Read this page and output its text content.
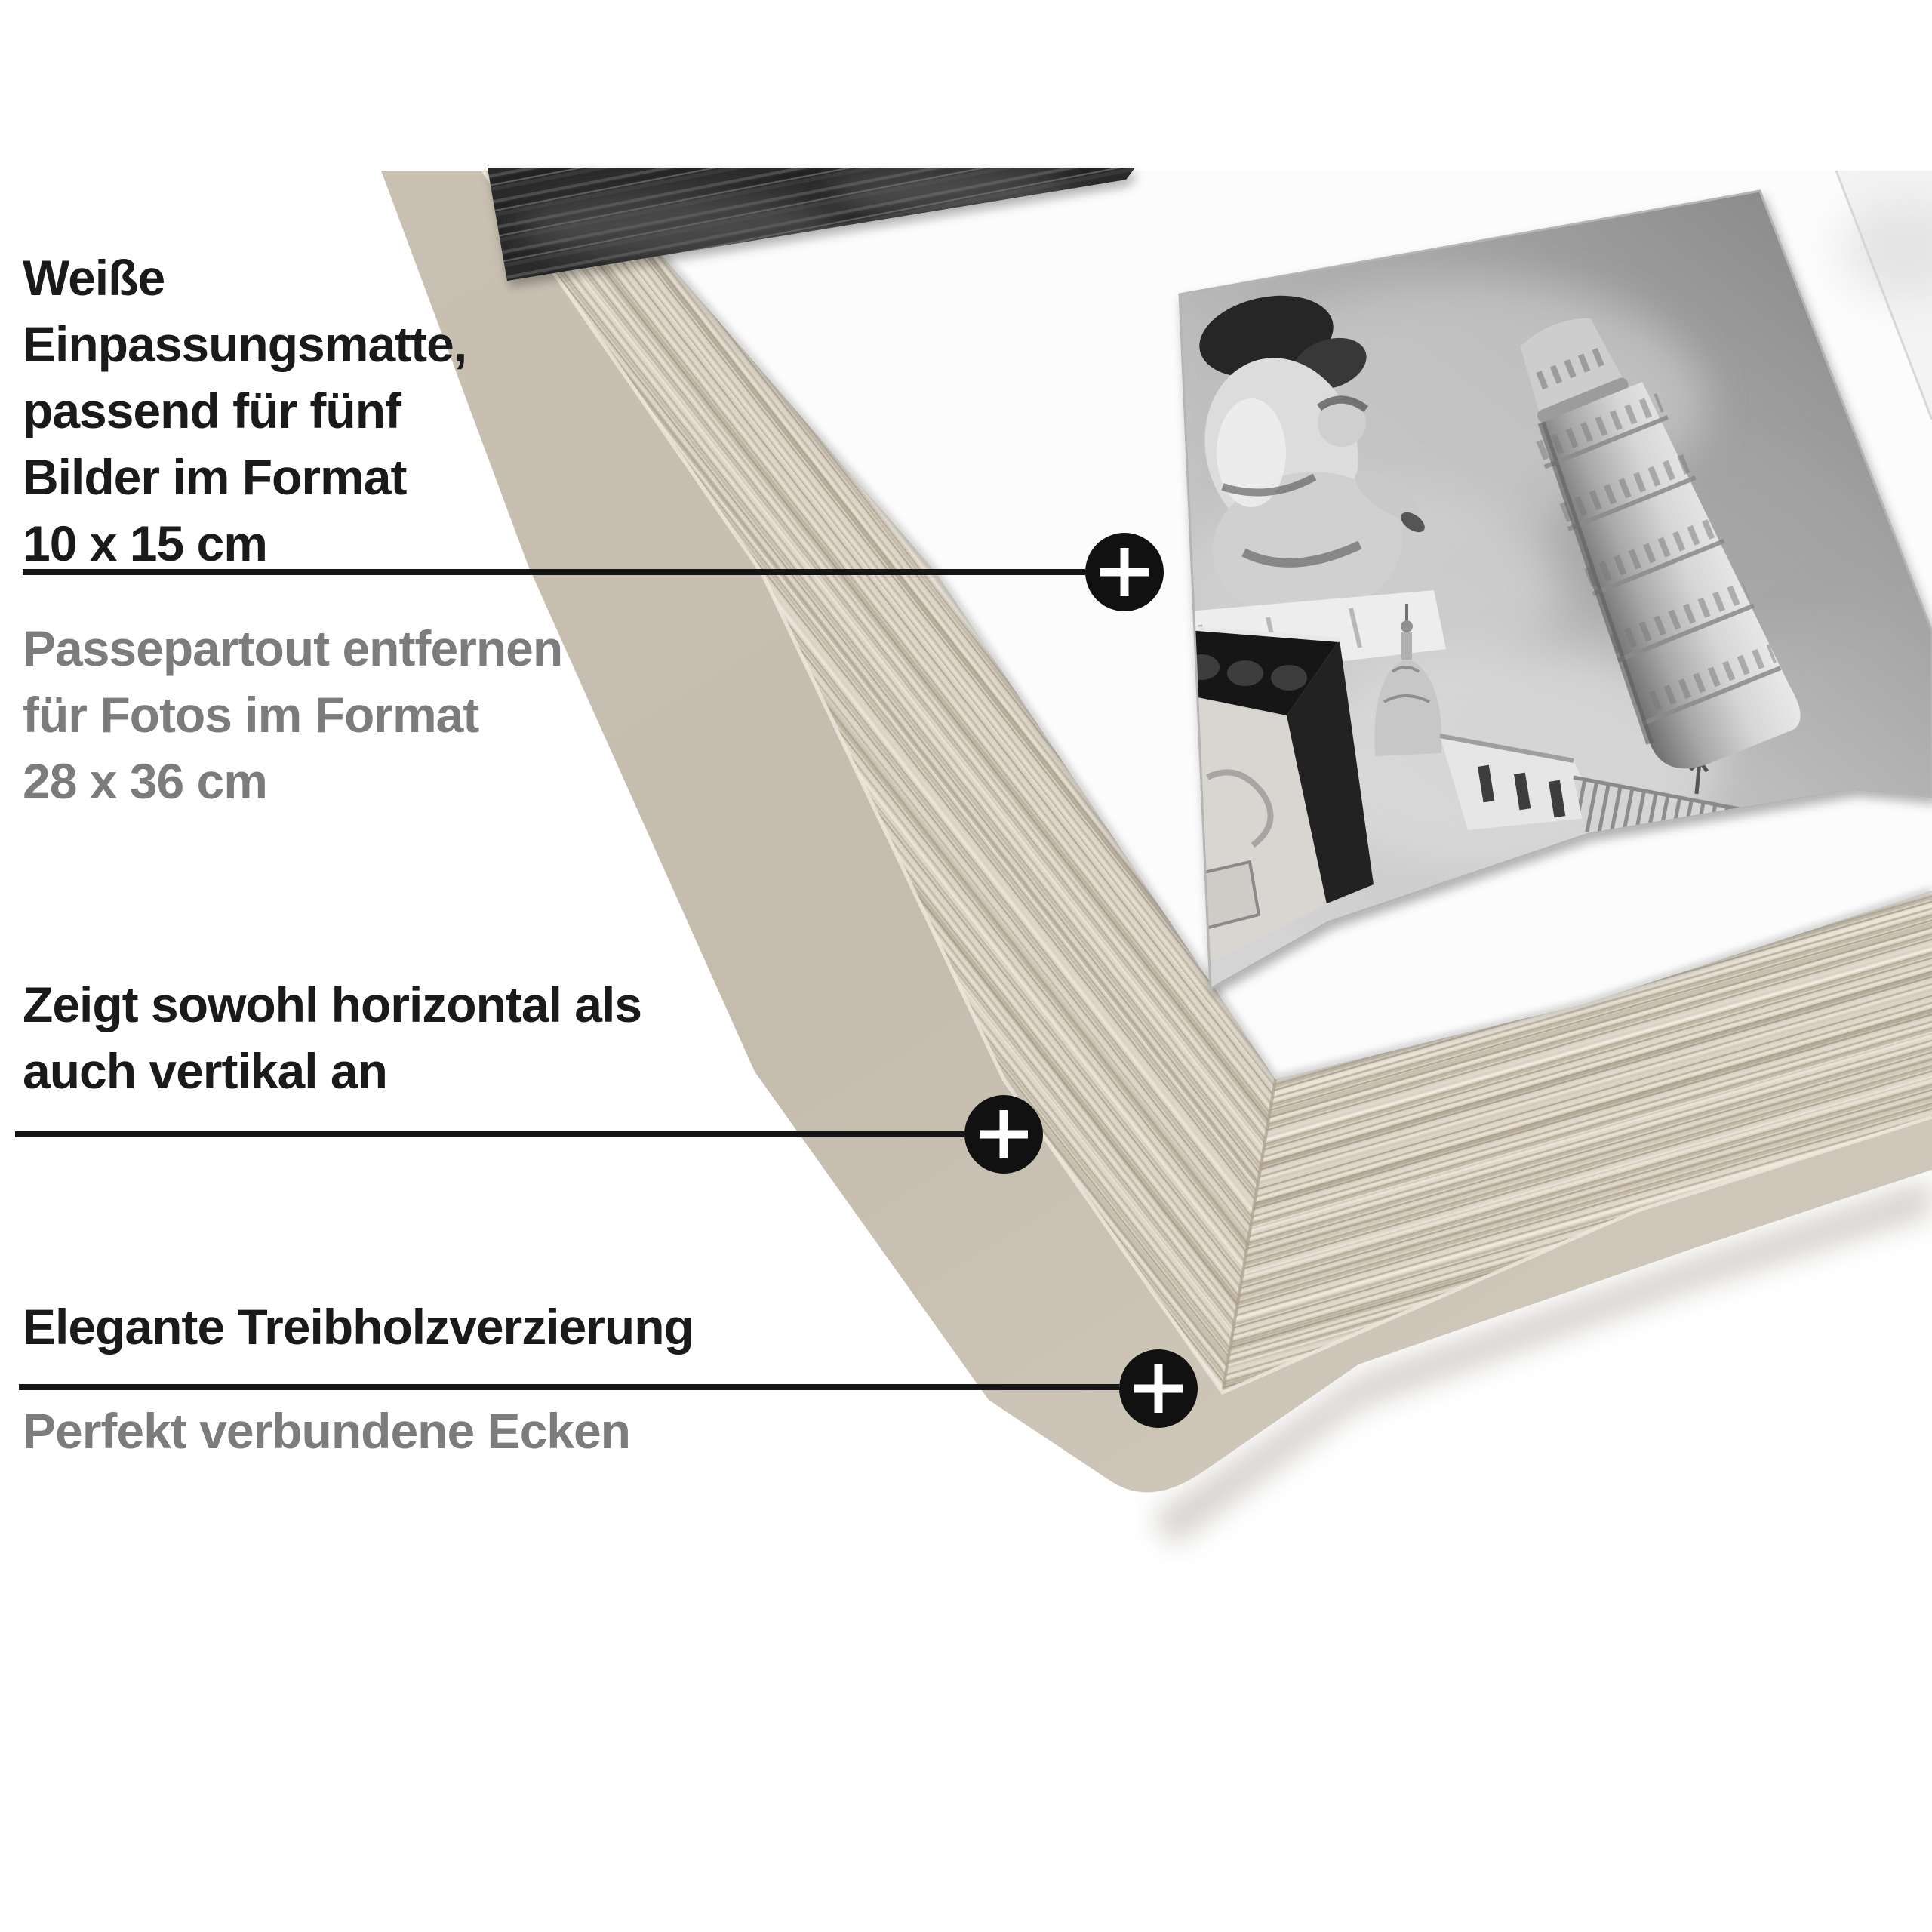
Weiße
Einpassungsmatte,
passend für fünf
Bilder im Format
10 x 15 cm
Passepartout entfernen
für Fotos im Format
28 x 36 cm
Zeigt sowohl horizontal als
auch vertikal an
Elegante Treibholzverzierung
Perfekt verbundene Ecken
